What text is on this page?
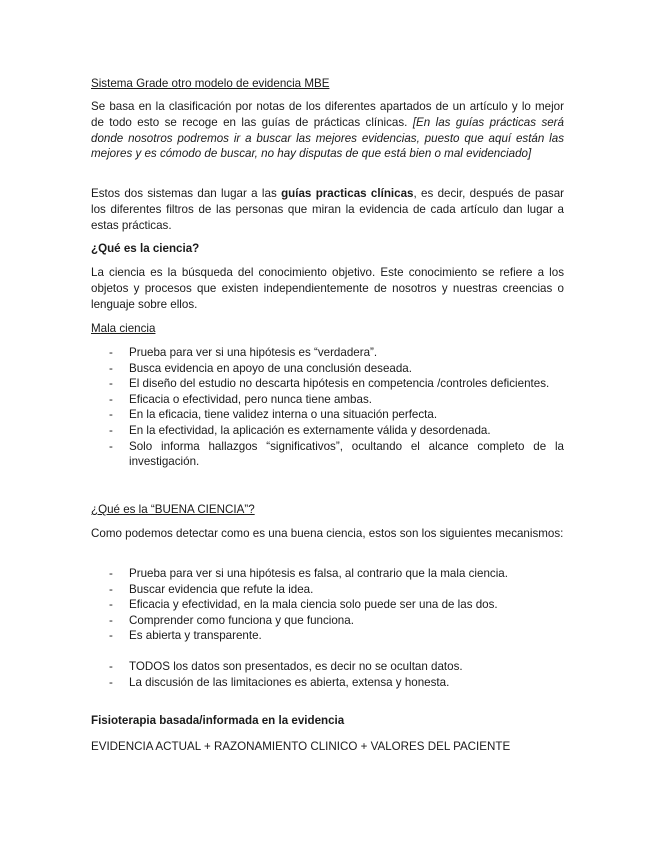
Sistema Grade otro modelo de evidencia MBE

Se basa en la clasificación por notas de los diferentes apartados de un artículo y lo mejor de todo esto se recoge en las guías de prácticas clínicas. [En las guías prácticas será donde nosotros podremos ir a buscar las mejores evidencias, puesto que aquí están las mejores y es cómodo de buscar, no hay disputas de que está bien o mal evidenciado]

Estos dos sistemas dan lugar a las guías practicas clínicas, es decir, después de pasar los diferentes filtros de las personas que miran la evidencia de cada artículo dan lugar a estas prácticas.

¿Qué es la ciencia?

La ciencia es la búsqueda del conocimiento objetivo. Este conocimiento se refiere a los objetos y procesos que existen independientemente de nosotros y nuestras creencias o lenguaje sobre ellos.

Mala ciencia

- Prueba para ver si una hipótesis es “verdadera”.
- Busca evidencia en apoyo de una conclusión deseada.
- El diseño del estudio no descarta hipótesis en competencia /controles deficientes.
- Eficacia o efectividad, pero nunca tiene ambas.
- En la eficacia, tiene validez interna o una situación perfecta.
- En la efectividad, la aplicación es externamente válida y desordenada.
- Solo informa hallazgos “significativos”, ocultando el alcance completo de la investigación.

¿Qué es la “BUENA CIENCIA”?

Como podemos detectar como es una buena ciencia, estos son los siguientes mecanismos:

- Prueba para ver si una hipótesis es falsa, al contrario que la mala ciencia.
- Buscar evidencia que refute la idea.
- Eficacia y efectividad, en la mala ciencia solo puede ser una de las dos.
- Comprender como funciona y que funciona.
- Es abierta y transparente.
- TODOS los datos son presentados, es decir no se ocultan datos.
- La discusión de las limitaciones es abierta, extensa y honesta.

Fisioterapia basada/informada en la evidencia

EVIDENCIA ACTUAL + RAZONAMIENTO CLINICO + VALORES DEL PACIENTE
